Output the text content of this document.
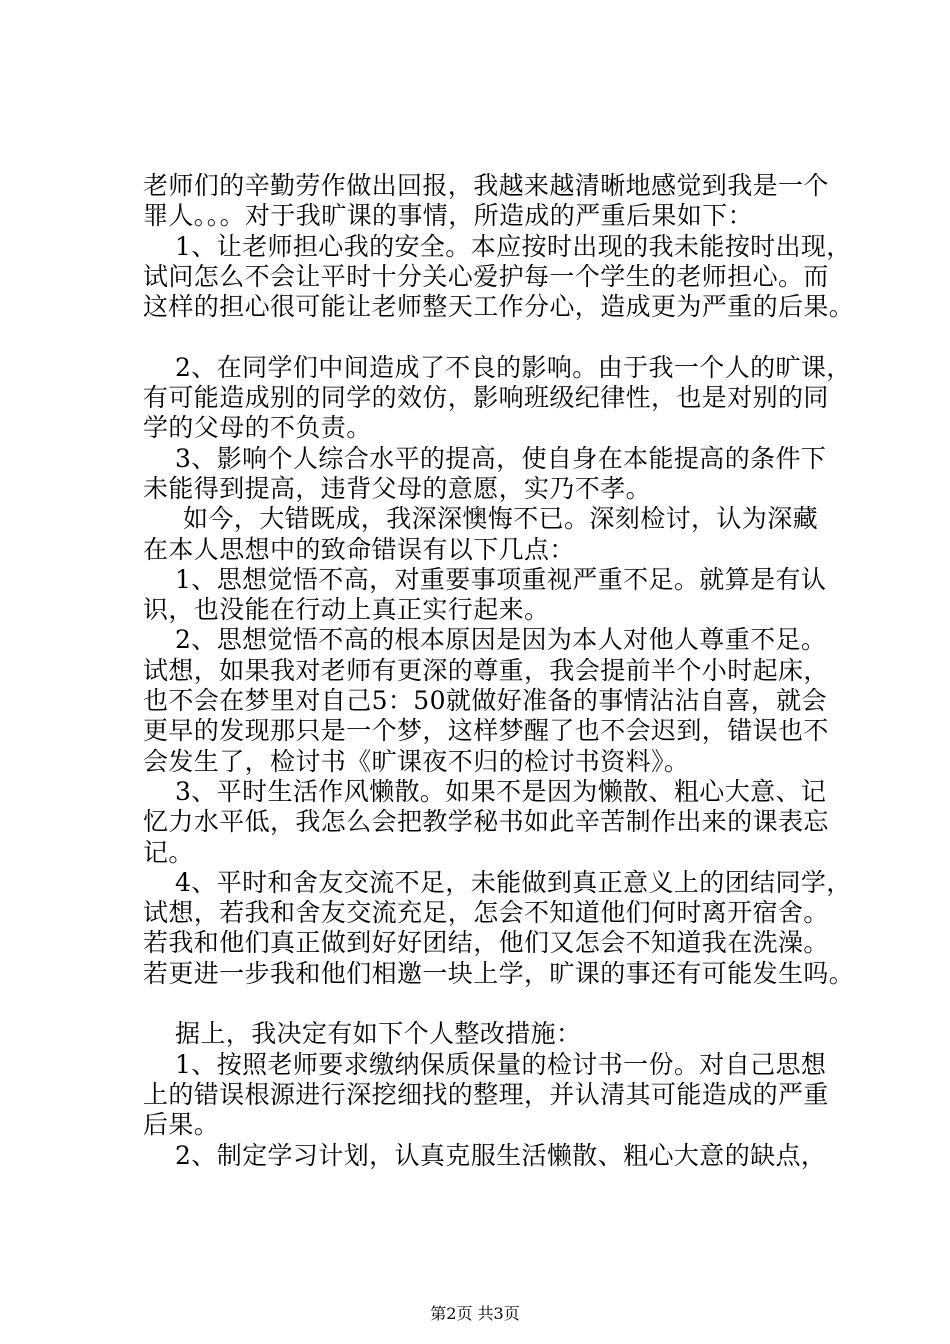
老师们的辛勤劳作做出回报，我越来越清晰地感觉到我是一个

罪人。。。对于我旷课的事情，所造成的严重后果如下：

1、让老师担心我的安全。本应按时出现的我未能按时出现，

试问怎么不会让平时十分关心爱护每一个学生的老师担心。而

这样的担心很可能让老师整天工作分心，造成更为严重的后果。

2、在同学们中间造成了不良的影响。由于我一个人的旷课，

有可能造成别的同学的效仿，影响班级纪律性，也是对别的同

学的父母的不负责。

3、影响个人综合水平的提高，使自身在本能提高的条件下

未能得到提高，违背父母的意愿，实乃不孝。

如今，大错既成，我深深懊悔不已。深刻检讨，认为深藏

在本人思想中的致命错误有以下几点：

1、思想觉悟不高，对重要事项重视严重不足。就算是有认

识，也没能在行动上真正实行起来。

2、思想觉悟不高的根本原因是因为本人对他人尊重不足。

试想，如果我对老师有更深的尊重，我会提前半个小时起床，

也不会在梦里对自己5：50就做好准备的事情沾沾自喜，就会

更早的发现那只是一个梦，这样梦醒了也不会迟到，错误也不

会发生了，检讨书《旷课夜不归的检讨书资料》。

3、平时生活作风懒散。如果不是因为懒散、粗心大意、记

忆力水平低，我怎么会把教学秘书如此辛苦制作出来的课表忘

记。

4、平时和舍友交流不足，未能做到真正意义上的团结同学，

试想，若我和舍友交流充足，怎会不知道他们何时离开宿舍。

若我和他们真正做到好好团结，他们又怎会不知道我在洗澡。

若更进一步我和他们相邀一块上学，旷课的事还有可能发生吗。

据上，我决定有如下个人整改措施：

1、按照老师要求缴纳保质保量的检讨书一份。对自己思想

上的错误根源进行深挖细找的整理，并认清其可能造成的严重

后果。

2、制定学习计划，认真克服生活懒散、粗心大意的缺点，

第2页 共3页
